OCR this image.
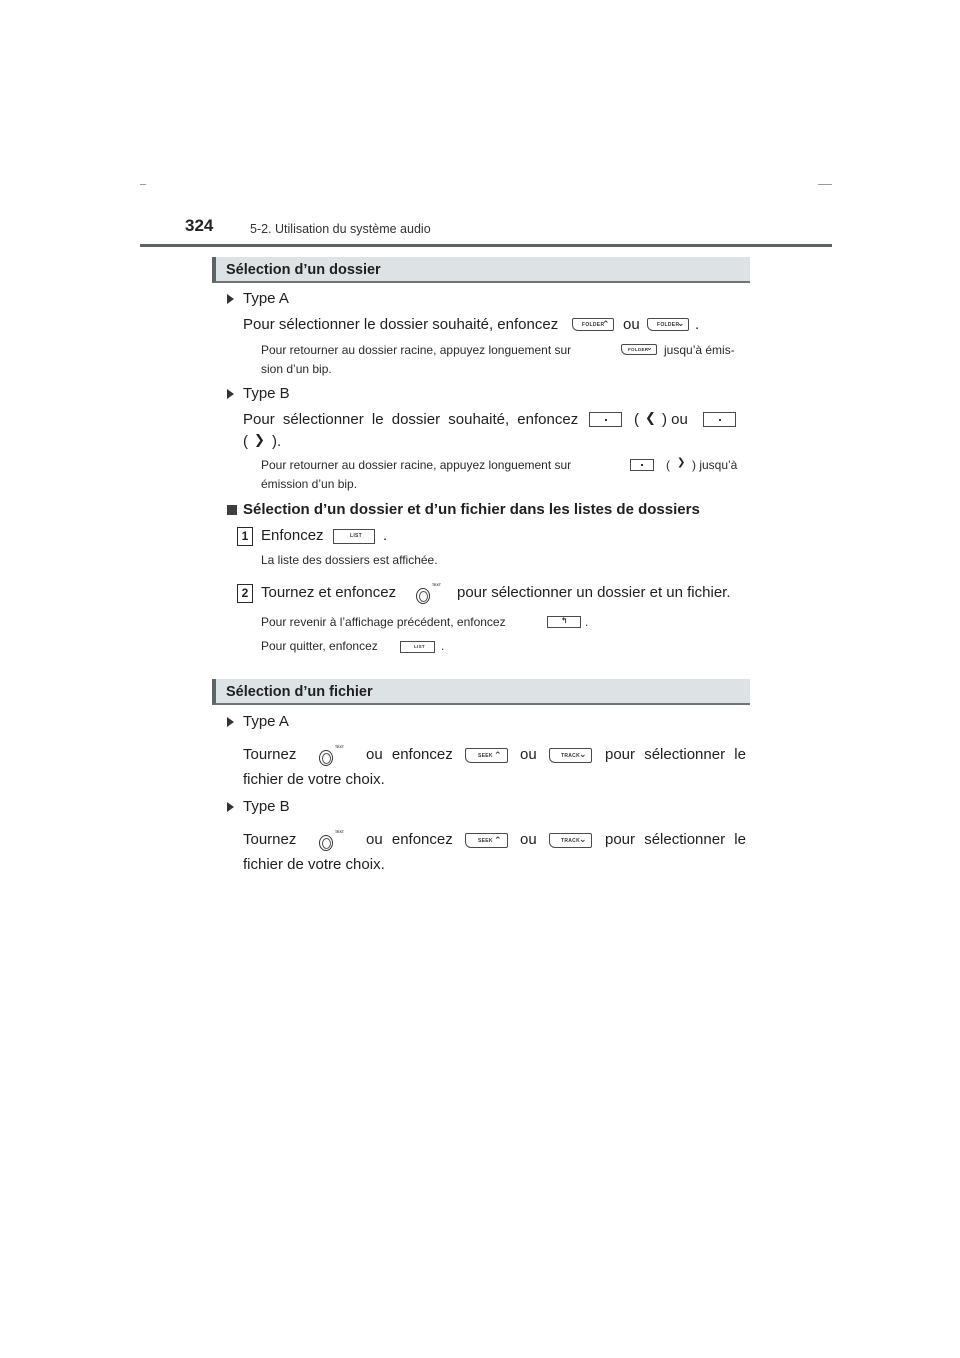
324	5-2. Utilisation du système audio
Sélection d’un dossier
Type A
Pour sélectionner le dossier souhaité, enfoncez	FOLDER
⌃ ou	FOLDER
⌄ .
Pour retourner au dossier racine, appuyez longuement sur	FOLDER
⌄ jusqu’à émis-
sion d’un bip.
Type B
Pour sélectionner le dossier souhaité, enfoncez	( ❮ ) ou
( ❯ ).
Pour retourner au dossier racine, appuyez longuement sur	( ❯ ) jusqu’à
émission d’un bip.
Sélection d’un dossier et d’un fichier dans les listes de dossiers
1 Enfoncez	LIST .
La liste des dossiers est affichée.
2 Tournez et enfoncez	TEXT pour sélectionner un dossier et un fichier.
Pour revenir à l’affichage précédent, enfoncez	↰ .
Pour quitter, enfoncez	LIST .
Sélection d’un fichier
Type A
Tournez	TEXT ou enfoncez	SEEK ⌃ ou	TRACK ⌄ pour sélectionner le
fichier de votre choix.
Type B
Tournez	TEXT ou enfoncez	SEEK ⌃ ou	TRACK ⌄ pour sélectionner le
fichier de votre choix.
